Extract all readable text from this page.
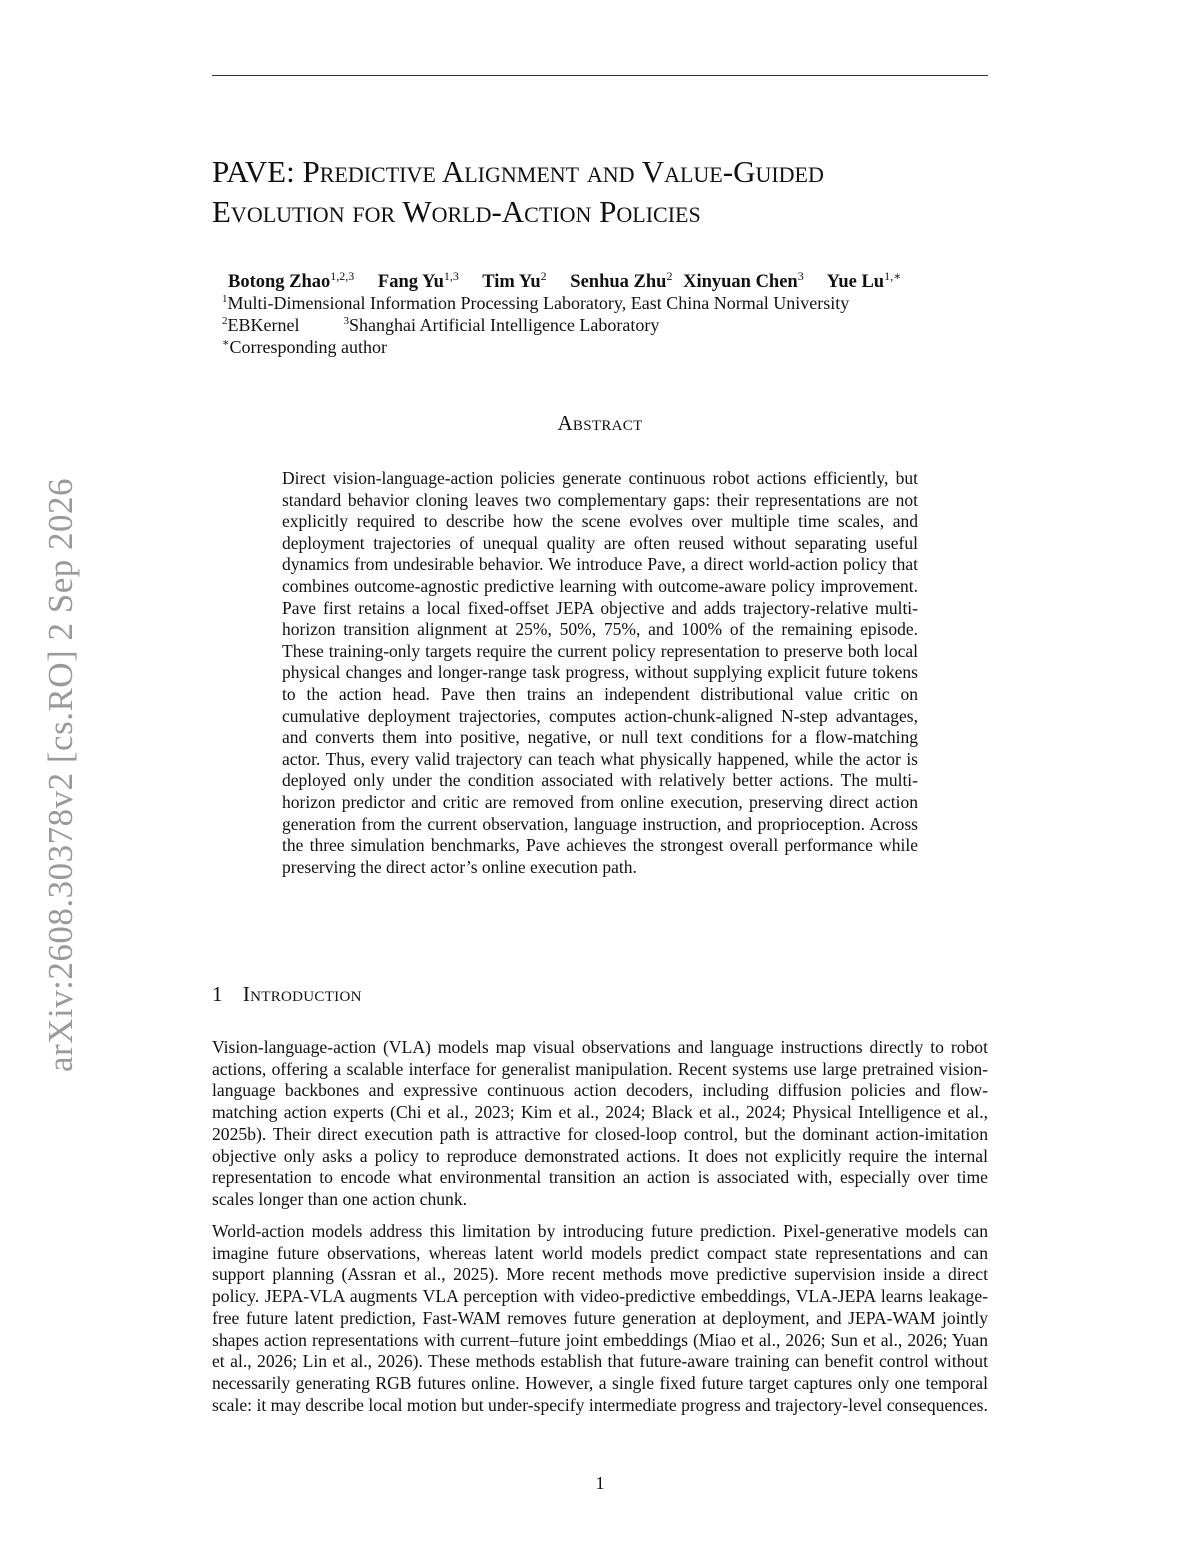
arXiv:2608.30378v2 [cs.RO] 2 Sep 2026
PAVE: Predictive Alignment and Value-Guided
Evolution for World-Action Policies
Botong Zhao$^{1,2,3}$ Fang Yu$^{1,3}$ Tim Yu$^2$ Senhua Zhu$^2$ Xinyuan Chen$^3$ Yue $Lu^{1,∗}$
$^1$Multi-Dimensional Information Processing Laboratory, East China Normal University
$^2$EBKernel	$^3$Shanghai Artificial Intelligence Laboratory
∗Corresponding author
Abstract

Direct vision-language-action policies generate continuous robot actions efficiently, but standard behavior cloning leaves two complementary gaps: their representations are not explicitly required to describe how the scene evolves over multiple time scales, and deployment trajectories of unequal quality are often reused without separating useful dynamics from undesirable behavior. We introduce Pave, a direct world-action policy that combines outcome-agnostic predictive learning with outcome-aware policy improvement. Pave first retains a local fixed-offset JEPA objective and adds trajectory-relative multi-horizon transition alignment at 25%, 50%, 75%, and 100% of the remaining episode. These training-only targets require the current policy representation to preserve both local physical changes and longer-range task progress, without supplying explicit future tokens to the action head. Pave then trains an independent distributional value critic on cumulative deployment trajectories, computes action-chunk-aligned N-step advantages, and converts them into positive, negative, or null text conditions for a flow-matching actor. Thus, every valid trajectory can teach what physically happened, while the actor is deployed only under the condition associated with relatively better actions. The multi-horizon predictor and critic are removed from online execution, preserving direct action generation from the current observation, language instruction, and proprioception. Across the three simulation benchmarks, Pave achieves the strongest overall performance while preserving the direct actor’s online execution path.

1 Introduction

Vision-language-action (VLA) models map visual observations and language instructions directly to robot actions, offering a scalable interface for generalist manipulation. Recent systems use large pretrained vision-language backbones and expressive continuous action decoders, including diffusion policies and flow-matching action experts (Chi et al., 2023; Kim et al., 2024; Black et al., 2024; Physical Intelligence et al., 2025b). Their direct execution path is attractive for closed-loop control, but the dominant action-imitation objective only asks a policy to reproduce demonstrated actions. It does not explicitly require the internal representation to encode what environmental transition an action is associated with, especially over time scales longer than one action chunk.

World-action models address this limitation by introducing future prediction. Pixel-generative models can imagine future observations, whereas latent world models predict compact state representations and can support planning (Assran et al., 2025). More recent methods move predictive supervision inside a direct policy. JEPA-VLA augments VLA perception with video-predictive embeddings, VLA-JEPA learns leakage-free future latent prediction, Fast-WAM removes future generation at deployment, and JEPA-WAM jointly shapes action representations with current–future joint embeddings (Miao et al., 2026; Sun et al., 2026; Yuan et al., 2026; Lin et al., 2026). These methods establish that future-aware training can benefit control without necessarily generating RGB futures online. However, a single fixed future target captures only one temporal scale: it may describe local motion but under-specify intermediate progress and trajectory-level consequences.

1
